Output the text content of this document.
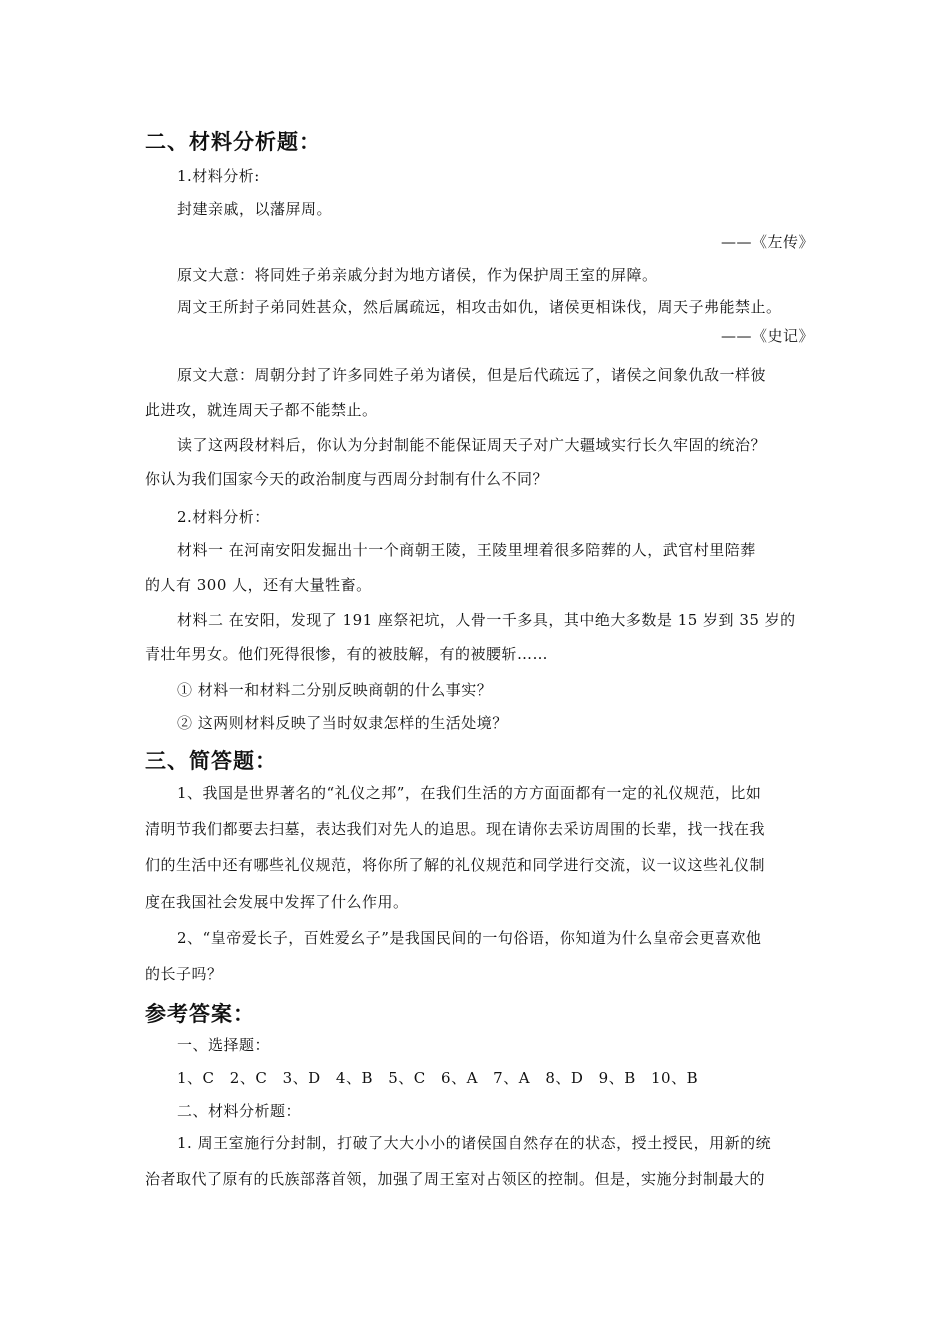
二、材料分析题：
1.材料分析:
封建亲戚，以藩屏周。
——《左传》
原文大意：将同姓子弟亲戚分封为地方诸侯，作为保护周王室的屏障。
周文王所封子弟同姓甚众，然后属疏远，相攻击如仇，诸侯更相诛伐，周天子弗能禁止。
——《史记》
原文大意：周朝分封了许多同姓子弟为诸侯，但是后代疏远了，诸侯之间象仇敌一样彼
此进攻，就连周天子都不能禁止。
读了这两段材料后，你认为分封制能不能保证周天子对广大疆域实行长久牢固的统治？
你认为我们国家今天的政治制度与西周分封制有什么不同？
2.材料分析：
材料一 在河南安阳发掘出十一个商朝王陵，王陵里埋着很多陪葬的人，武官村里陪葬
的人有 300 人，还有大量牲畜。
材料二 在安阳，发现了 191 座祭祀坑，人骨一千多具，其中绝大多数是 15 岁到 35 岁的
青壮年男女。他们死得很惨，有的被肢解，有的被腰斩……
① 材料一和材料二分别反映商朝的什么事实？
② 这两则材料反映了当时奴隶怎样的生活处境？
三、简答题：
1、我国是世界著名的“礼仪之邦”，在我们生活的方方面面都有一定的礼仪规范，比如
清明节我们都要去扫墓，表达我们对先人的追思。现在请你去采访周围的长辈，找一找在我
们的生活中还有哪些礼仪规范，将你所了解的礼仪规范和同学进行交流，议一议这些礼仪制
度在我国社会发展中发挥了什么作用。
2、“皇帝爱长子，百姓爱幺子”是我国民间的一句俗语，你知道为什么皇帝会更喜欢他
的长子吗？
参考答案：
一、选择题：
1、C 2、C 3、D 4、B 5、C 6、A 7、A 8、D 9、B 10、B
二、材料分析题：
1. 周王室施行分封制，打破了大大小小的诸侯国自然存在的状态，授土授民，用新的统
治者取代了原有的氏族部落首领，加强了周王室对占领区的控制。但是，实施分封制最大的
